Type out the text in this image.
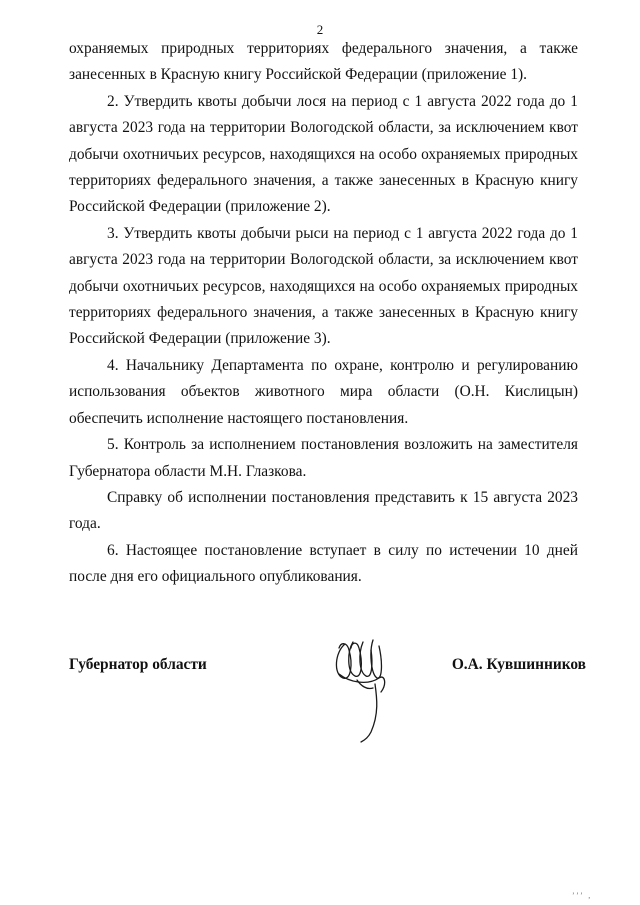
2

охраняемых природных территориях федерального значения, а также занесенных в Красную книгу Российской Федерации (приложение 1).

2. Утвердить квоты добычи лося на период с 1 августа 2022 года до 1 августа 2023 года на территории Вологодской области, за исключением квот добычи охотничьих ресурсов, находящихся на особо охраняемых природных территориях федерального значения, а также занесенных в Красную книгу Российской Федерации (приложение 2).

3. Утвердить квоты добычи рыси на период с 1 августа 2022 года до 1 августа 2023 года на территории Вологодской области, за исключением квот добычи охотничьих ресурсов, находящихся на особо охраняемых природных территориях федерального значения, а также занесенных в Красную книгу Российской Федерации (приложение 3).

4. Начальнику Департамента по охране, контролю и регулированию использования объектов животного мира области (О.Н. Кислицын) обеспечить исполнение настоящего постановления.

5. Контроль за исполнением постановления возложить на заместителя Губернатора области М.Н. Глазкова.

Справку об исполнении постановления представить к 15 августа 2023 года.

6. Настоящее постановление вступает в силу по истечении 10 дней после дня его официального опубликования.

Губернатор области	О.А. Кувшинников
’’’ ,
